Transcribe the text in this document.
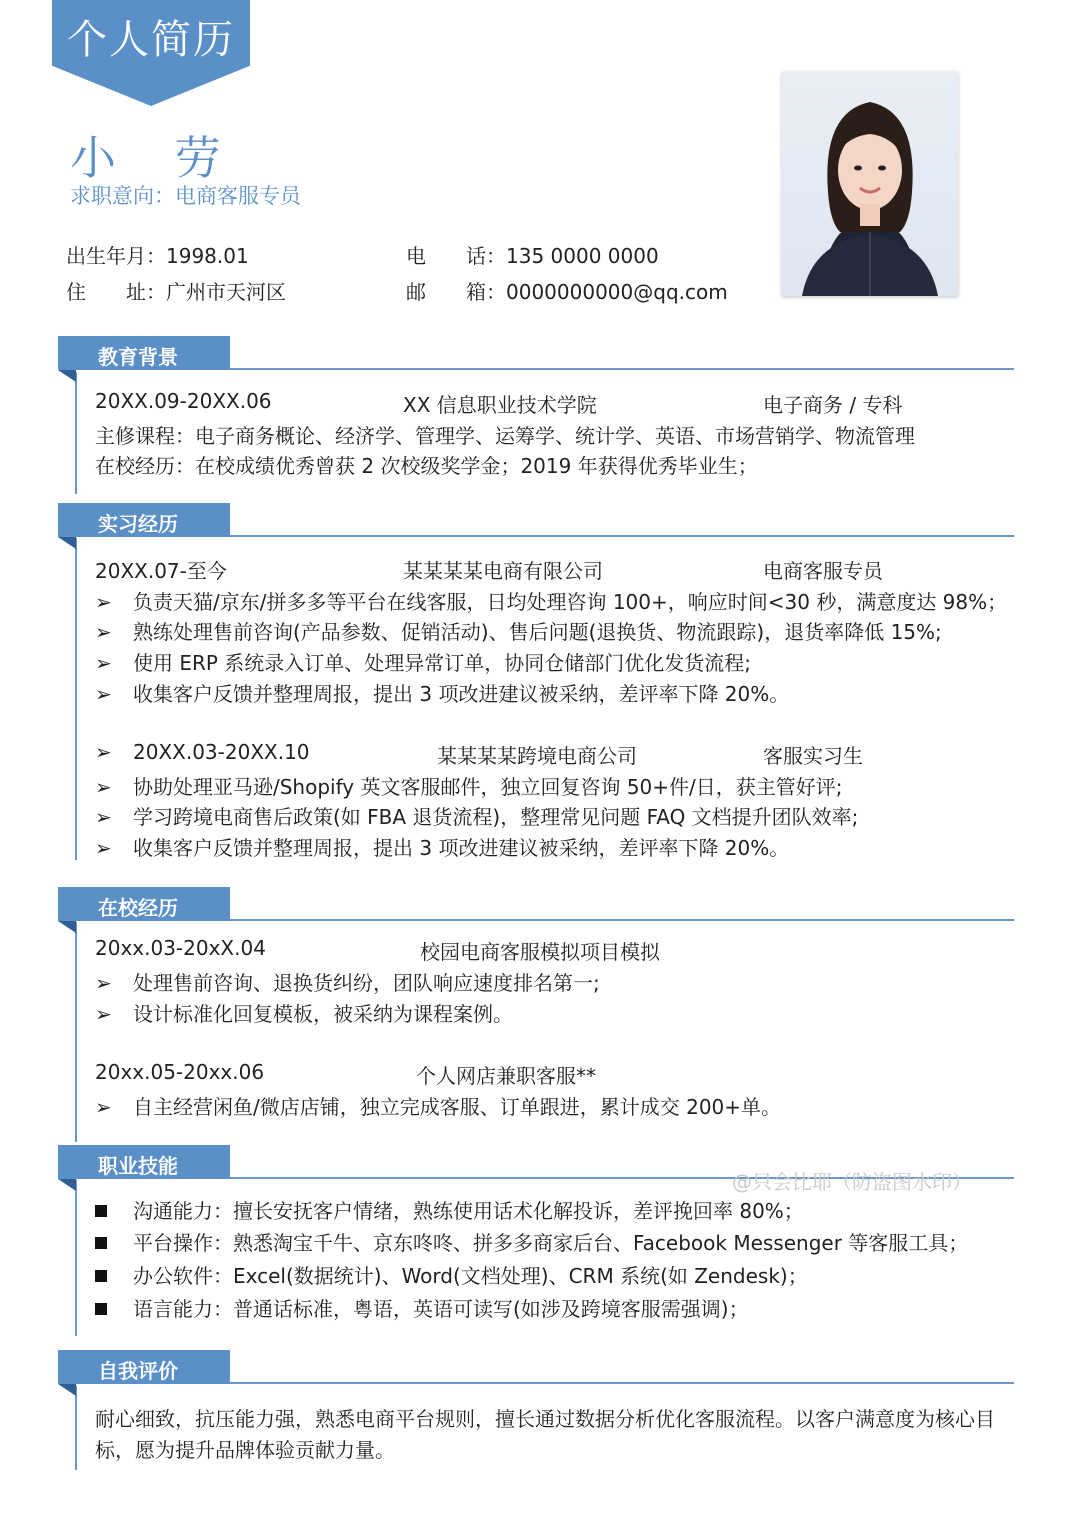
个人简历
小 劳
求职意向：电商客服专员
出生年月：1998.01	电　　话：135 0000 0000
住　　址：广州市天河区	邮　　箱：0000000000@qq.com
教育背景
20XX.09-20XX.06	XX 信息职业技术学院	电子商务 / 专科
主修课程：电子商务概论、经济学、管理学、运筹学、统计学、英语、市场营销学、物流管理
在校经历：在校成绩优秀曾获 2 次校级奖学金；2019 年获得优秀毕业生；
实习经历
20XX.07-至今	某某某某电商有限公司	电商客服专员
➢ 负责天猫/京东/拼多多等平台在线客服，日均处理咨询 100+，响应时间<30 秒，满意度达 98%；
➢ 熟练处理售前咨询(产品参数、促销活动)、售后问题(退换货、物流跟踪)，退货率降低 15%;
➢ 使用 ERP 系统录入订单、处理异常订单，协同仓储部门优化发货流程;
➢ 收集客户反馈并整理周报，提出 3 项改进建议被采纳，差评率下降 20%。
➢ 20XX.03-20XX.10	某某某某跨境电商公司	客服实习生
➢ 协助处理亚马逊/Shopify 英文客服邮件，独立回复咨询 50+件/日，获主管好评;
➢ 学习跨境电商售后政策(如 FBA 退货流程)，整理常见问题 FAQ 文档提升团队效率;
➢ 收集客户反馈并整理周报，提出 3 项改进建议被采纳，差评率下降 20%。
在校经历
20xx.03-20xX.04	校园电商客服模拟项目模拟
➢ 处理售前咨询、退换货纠纷，团队响应速度排名第一;
➢ 设计标准化回复模板，被采纳为课程案例。
20xx.05-20xx.06	个人网店兼职客服**
➢ 自主经营闲鱼/微店店铺，独立完成客服、订单跟进，累计成交 200+单。
职业技能
@只会比耶（防盗图水印）
沟通能力：擅长安抚客户情绪，熟练使用话术化解投诉，差评挽回率 80%；
平台操作：熟悉淘宝千牛、京东咚咚、拼多多商家后台、Facebook Messenger 等客服工具；
办公软件：Excel(数据统计)、Word(文档处理)、CRM 系统(如 Zendesk)；
语言能力：普通话标准，粤语，英语可读写(如涉及跨境客服需强调)；
自我评价
耐心细致，抗压能力强，熟悉电商平台规则，擅长通过数据分析优化客服流程。以客户满意度为核心目
标，愿为提升品牌体验贡献力量。
